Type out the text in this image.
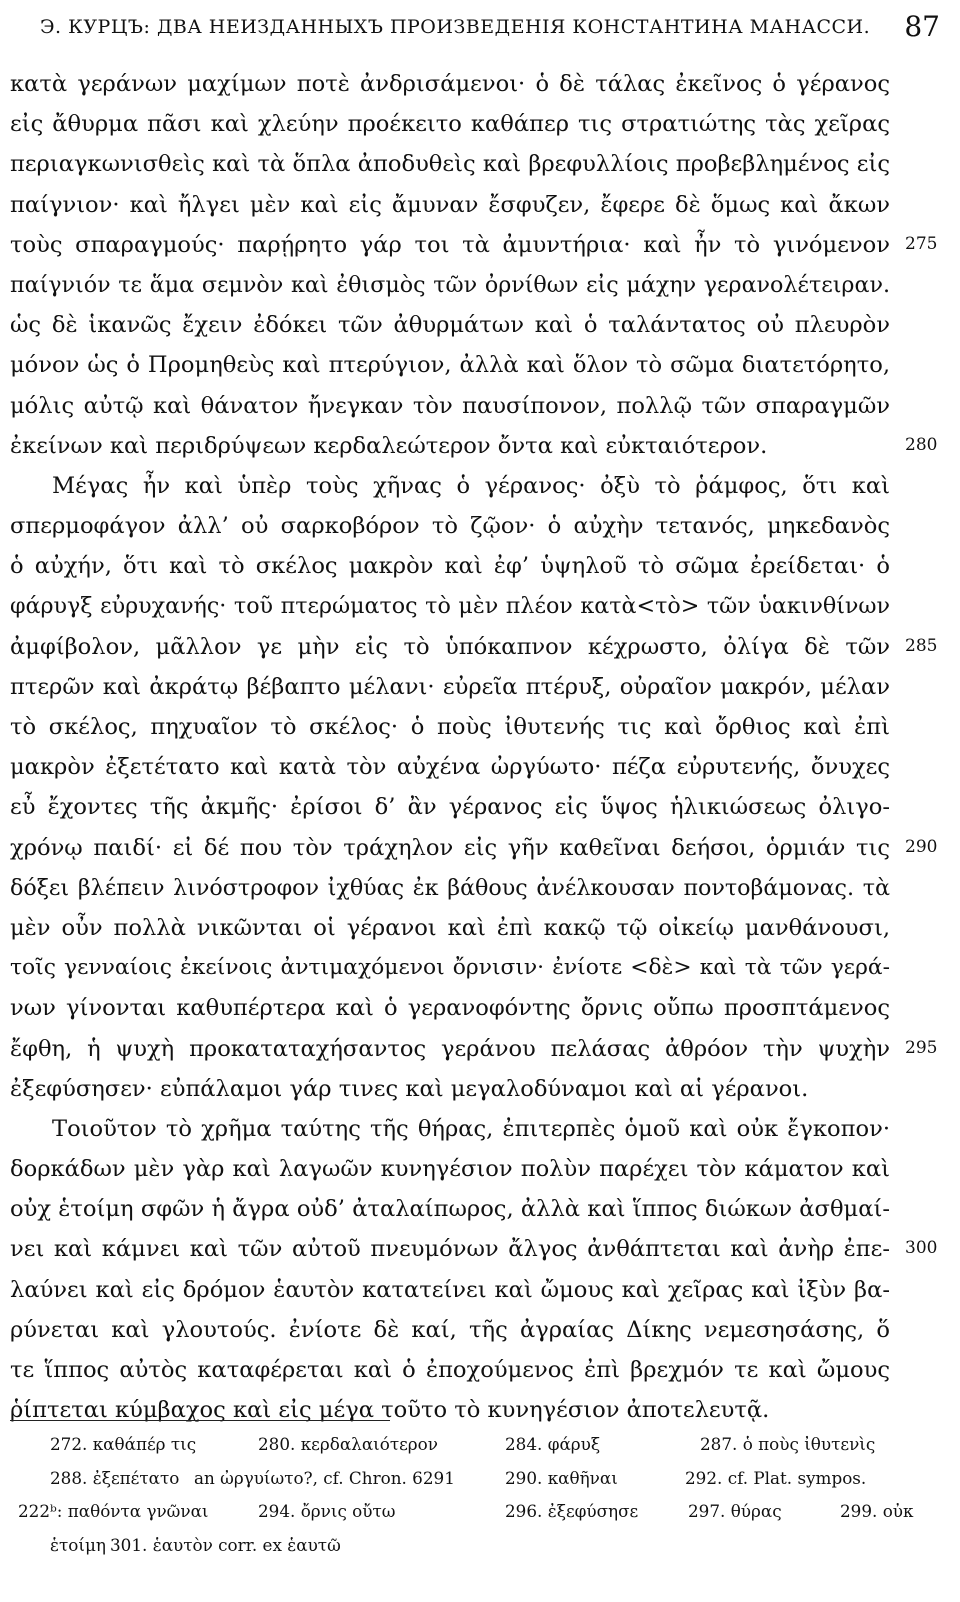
Э. КУРЦЪ: ДВА НЕИЗДАННЫХЪ ПРОИЗВЕДЕНІЯ КОНСТАНТИНА МАНАССИ. 87
κατὰ γεράνων μαχίμων ποτὲ ἀνδρισάμενοι· ὁ δὲ τάλας ἐκεῖνος ὁ γέρανος
εἰς ἄθυρμα πᾶσι καὶ χλεύην προέκειτο καθάπερ τις στρατιώτης τὰς χεῖρας
περιαγκωνισθεὶς καὶ τὰ ὅπλα ἀποδυθεὶς καὶ βρεφυλλίοις προβεβλημένος εἰς
παίγνιον· καὶ ἤλγει μὲν καὶ εἰς ἄμυναν ἔσφυζεν, ἔφερε δὲ ὅμως καὶ ἄκων
τοὺς σπαραγμούς· παρῄρητο γάρ τοι τὰ ἀμυντήρια· καὶ ἦν τὸ γινόμενον 275
παίγνιόν τε ἅμα σεμνὸν καὶ ἐθισμὸς τῶν ὀρνίθων εἰς μάχην γερανολέτειραν.
ὡς δὲ ἱκανῶς ἔχειν ἐδόκει τῶν ἀθυρμάτων καὶ ὁ ταλάντατος οὐ πλευρὸν
μόνον ὡς ὁ Προμηθεὺς καὶ πτερύγιον, ἀλλὰ καὶ ὅλον τὸ σῶμα διατετόρητο,
μόλις αὐτῷ καὶ θάνατον ἤνεγκαν τὸν παυσίπονον, πολλῷ τῶν σπαραγμῶν
ἐκείνων καὶ περιδρύψεων κερδαλεώτερον ὄντα καὶ εὐκταιότερον.	280
Μέγας ἦν καὶ ὑπὲρ τοὺς χῆνας ὁ γέρανος· ὀξὺ τὸ ῥάμφος, ὅτι καὶ
σπερμοφάγον ἀλλ’ οὐ σαρκοβόρον τὸ ζῷον· ὁ αὐχὴν τετανός, μηκεδανὸς
ὁ αὐχήν, ὅτι καὶ τὸ σκέλος μακρὸν καὶ ἐφ’ ὑψηλοῦ τὸ σῶμα ἐρείδεται· ὁ
φάρυγξ εὐρυχανής· τοῦ πτερώματος τὸ μὲν πλέον κατὰ<τὸ> τῶν ὑακινθίνων
ἀμφίβολον, μᾶλλον γε μὴν εἰς τὸ ὑπόκαπνον κέχρωστο, ὀλίγα δὲ τῶν 285
πτερῶν καὶ ἀκράτῳ βέβαπτο μέλανι· εὐρεῖα πτέρυξ, οὐραῖον μακρόν, μέλαν
τὸ σκέλος, πηχυαῖον τὸ σκέλος· ὁ ποὺς ἰθυτενής τις καὶ ὄρθιος καὶ ἐπὶ
μακρὸν ἐξετέτατο καὶ κατὰ τὸν αὐχένα ὠργύωτο· πέζα εὐρυτενής, ὄνυχες
εὖ ἔχοντες τῆς ἀκμῆς· ἐρίσοι δ’ ἂν γέρανος εἰς ὕψος ἡλικιώσεως ὀλιγο-
χρόνῳ παιδί· εἰ δέ που τὸν τράχηλον εἰς γῆν καθεῖναι δεήσοι, ὁρμιάν τις 290
δόξει βλέπειν λινόστροφον ἰχθύας ἐκ βάθους ἀνέλκουσαν ποντοβάμονας. τὰ
μὲν οὖν πολλὰ νικῶνται οἱ γέρανοι καὶ ἐπὶ κακῷ τῷ οἰκείῳ μανθάνουσι,
τοῖς γενναίοις ἐκείνοις ἀντιμαχόμενοι ὄρνισιν· ἐνίοτε <δὲ> καὶ τὰ τῶν γερά-
νων γίνονται καθυπέρτερα καὶ ὁ γερανοφόντης ὄρνις οὔπω προσπτάμενος
ἔφθη, ἡ ψυχὴ προκαταταχήσαντος γεράνου πελάσας ἀθρόον τὴν ψυχὴν 295
ἐξεφύσησεν· εὐπάλαμοι γάρ τινες καὶ μεγαλοδύναμοι καὶ αἱ γέρανοι.
Τοιοῦτον τὸ χρῆμα ταύτης τῆς θήρας, ἐπιτερπὲς ὁμοῦ καὶ οὐκ ἔγκοπον·
δορκάδων μὲν γὰρ καὶ λαγωῶν κυνηγέσιον πολὺν παρέχει τὸν κάματον καὶ
οὐχ ἑτοίμη σφῶν ἡ ἄγρα οὐδ’ ἀταλαίπωρος, ἀλλὰ καὶ ἵππος διώκων ἀσθμαί-
νει καὶ κάμνει καὶ τῶν αὐτοῦ πνευμόνων ἄλγος ἀνθάπτεται καὶ ἀνὴρ ἐπε- 300
λαύνει καὶ εἰς δρόμον ἑαυτὸν κατατείνει καὶ ὤμους καὶ χεῖρας καὶ ἰξὺν βα-
ρύνεται καὶ γλουτούς. ἐνίοτε δὲ καί, τῆς ἀγραίας Δίκης νεμεσησάσης, ὅ
τε ἵππος αὐτὸς καταφέρεται καὶ ὁ ἐποχούμενος ἐπὶ βρεχμόν τε καὶ ὤμους
ῥίπτεται κύμβαχος καὶ εἰς μέγα τοῦτο τὸ κυνηγέσιον ἀποτελευτᾷ.
272. καθάπέρ τις	280. κερδαλαιότερον	284. φάρυξ	287. ὁ ποὺς ἰθυτενὶς
288. ἐξεπέτατο an ὠργυίωτο?, cf. Chron. 6291	290. καθῆναι	292. cf. Plat. sympos.
222ᵇ: παθόντα γνῶναι	294. ὄρνις οὔτω	296. ἐξεφύσησε	297. θύρας	299. οὐκ
ἑτοίμη 301. ἑαυτὸν corr. ex ἑαυτῶ
